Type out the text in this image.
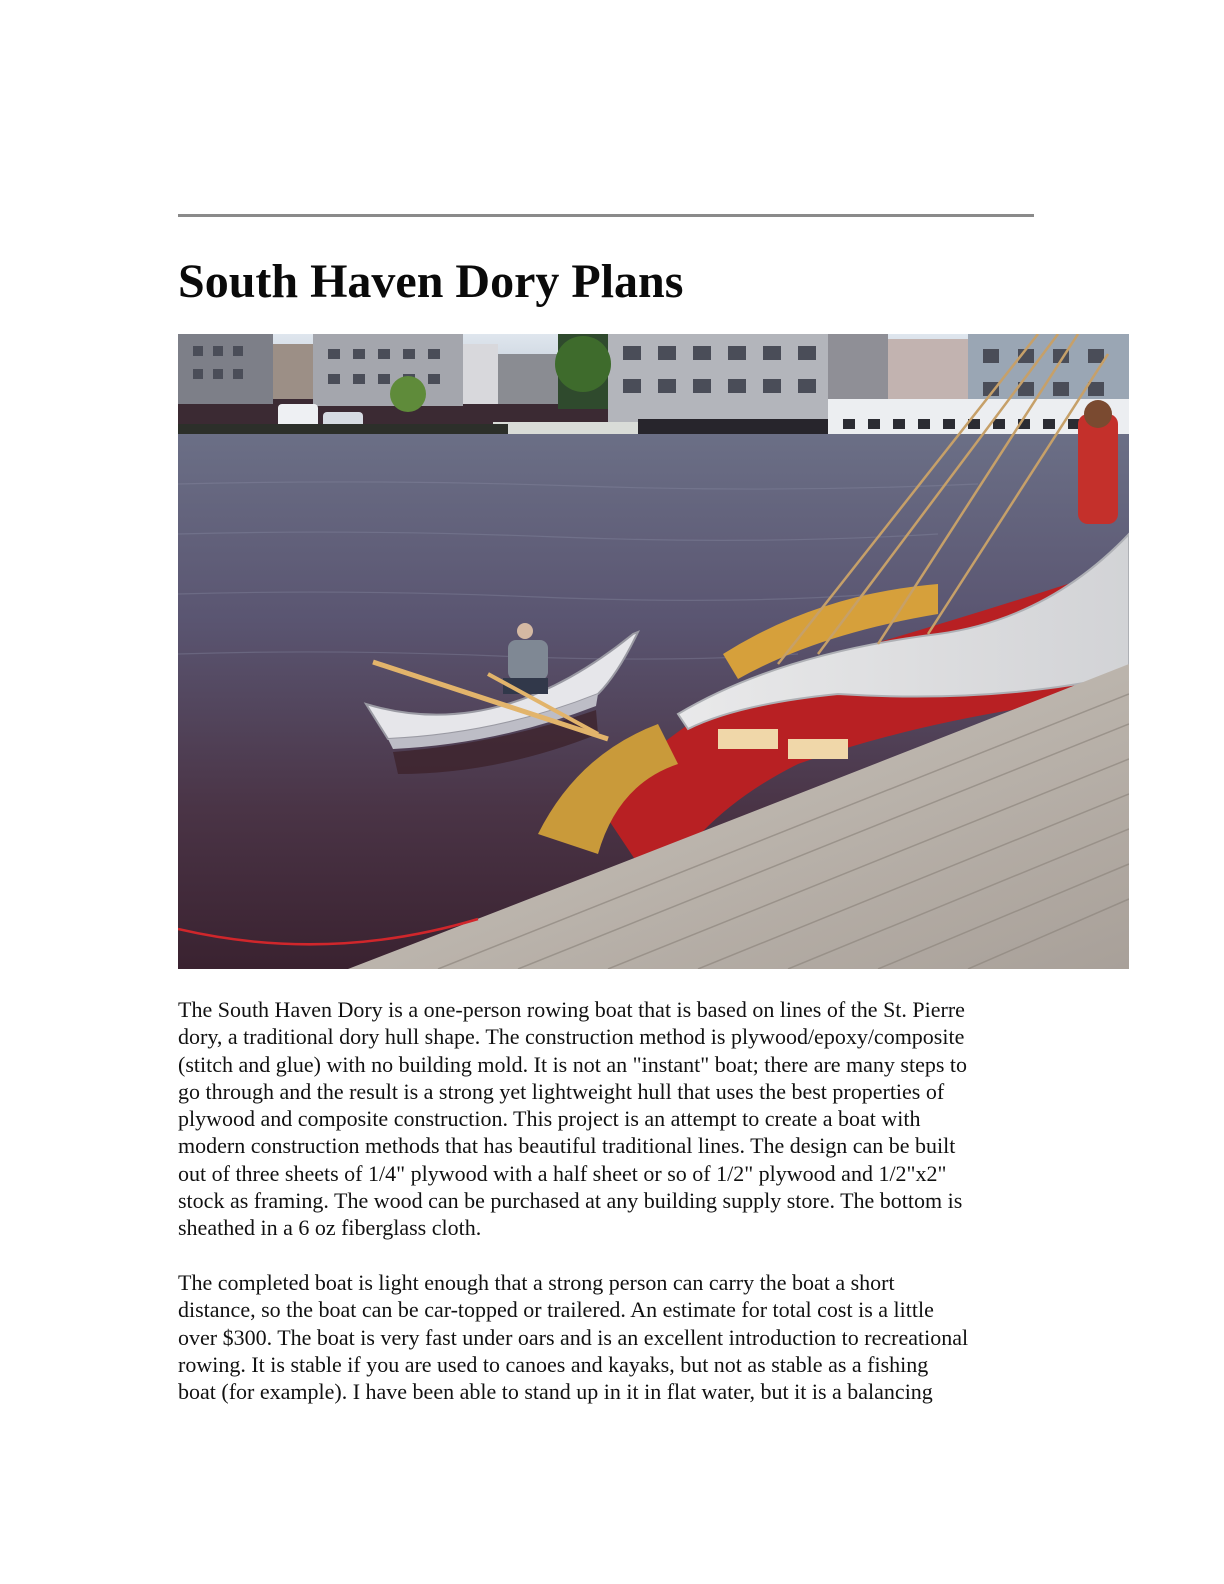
South Haven Dory Plans
The South Haven Dory is a one-person rowing boat that is based on lines of the St. Pierre
dory, a traditional dory hull shape. The construction method is plywood/epoxy/composite
(stitch and glue) with no building mold. It is not an "instant" boat; there are many steps to
go through and the result is a strong yet lightweight hull that uses the best properties of
plywood and composite construction. This project is an attempt to create a boat with
modern construction methods that has beautiful traditional lines. The design can be built
out of three sheets of 1/4" plywood with a half sheet or so of 1/2" plywood and 1/2"x2"
stock as framing. The wood can be purchased at any building supply store. The bottom is
sheathed in a 6 oz fiberglass cloth.
The completed boat is light enough that a strong person can carry the boat a short
distance, so the boat can be car-topped or trailered. An estimate for total cost is a little
over $300. The boat is very fast under oars and is an excellent introduction to recreational
rowing. It is stable if you are used to canoes and kayaks, but not as stable as a fishing
boat (for example). I have been able to stand up in it in flat water, but it is a balancing
